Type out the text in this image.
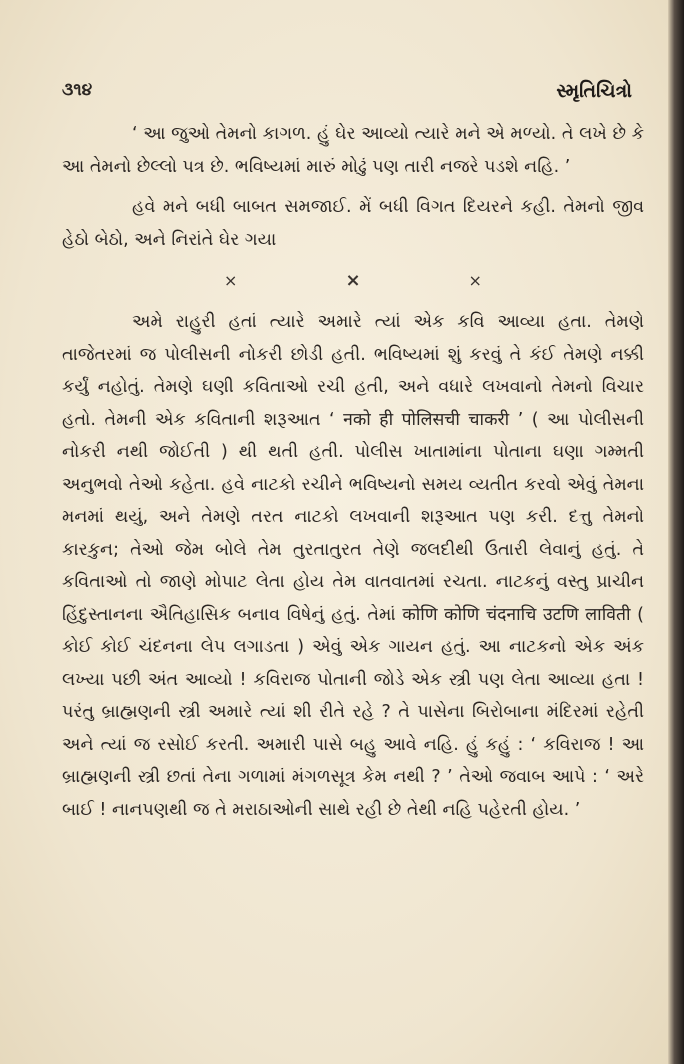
૩૧૪	સ્મૃતિચિત્રો

‘ આ જુઓ તેમનો કાગળ. હું ઘેર આવ્યો ત્યારે મને એ મળ્યો. તે લખે છે કે આ તેમનો છેલ્લો પત્ર છે. ભવિષ્યમાં મારું મોઢું પણ તારી નજરે પડશે નહિ. ’

હવે મને બધી બાબત સમજાઈ. મેં બધી વિગત દિયરને કહી. તેમનો જીવ હેઠો બેઠો, અને નિરાંતે ઘેર ગયા

×	×	×

અમે રાહુરી હતાં ત્યારે અમારે ત્યાં એક કવિ આવ્યા હતા. તેમણે તાજેતરમાં જ પોલીસની નોકરી છોડી હતી. ભવિષ્યમાં શું કરવું તે કંઈ તેમણે નક્કી કર્યું નહોતું. તેમણે ઘણી કવિતાઓ રચી હતી, અને વધારે લખવાનો તેમનો વિચાર હતો. તેમની એક કવિતાની શરૂઆત ‘ नको ही पोलिसची चाकरी ’ ( આ પોલીસની નોકરી નથી જોઈતી ) થી થતી હતી. પોલીસ ખાતામાંના પોતાના ઘણા ગમ્મતી અનુભવો તેઓ કહેતા. હવે નાટકો રચીને ભવિષ્યનો સમય વ્યતીત કરવો એવું તેમના મનમાં થયું, અને તેમણે તરત નાટકો લખવાની શરૂઆત પણ કરી. દત્તુ તેમનો કારકુન; તેઓ જેમ બોલે તેમ તુરતાતુરત તેણે જલદીથી ઉતારી લેવાનું હતું. તે કવિતાઓ તો જાણે મોપાટ લેતા હોય તેમ વાતવાતમાં રચતા. નાટકનું વસ્તુ પ્રાચીન હિંદુસ્તાનના ઐતિહાસિક બનાવ વિષેનું હતું. તેમાં कोणि कोणि चंदनाचि उटणि लाविती ( કોઈ કોઈ ચંદનના લેપ લગાડતા ) એવું એક ગાયન હતું. આ નાટકનો એક અંક લખ્યા પછી અંત આવ્યો ! કવિરાજ પોતાની જોડે એક સ્ત્રી પણ લેતા આવ્યા હતા ! પરંતુ બ્રાહ્મણની સ્ત્રી અમારે ત્યાં શી રીતે રહે ? તે પાસેના બિરોબાના મંદિરમાં રહેતી અને ત્યાં જ રસોઈ કરતી. અમારી પાસે બહુ આવે નહિ. હું કહું : ‘ કવિરાજ ! આ બ્રાહ્મણની સ્ત્રી છતાં તેના ગળામાં મંગળસૂત્ર કેમ નથી ? ’ તેઓ જવાબ આપે : ‘ અરે બાઈ ! નાનપણથી જ તે મરાઠાઓની સાથે રહી છે તેથી નહિ પહેરતી હોય. ’
